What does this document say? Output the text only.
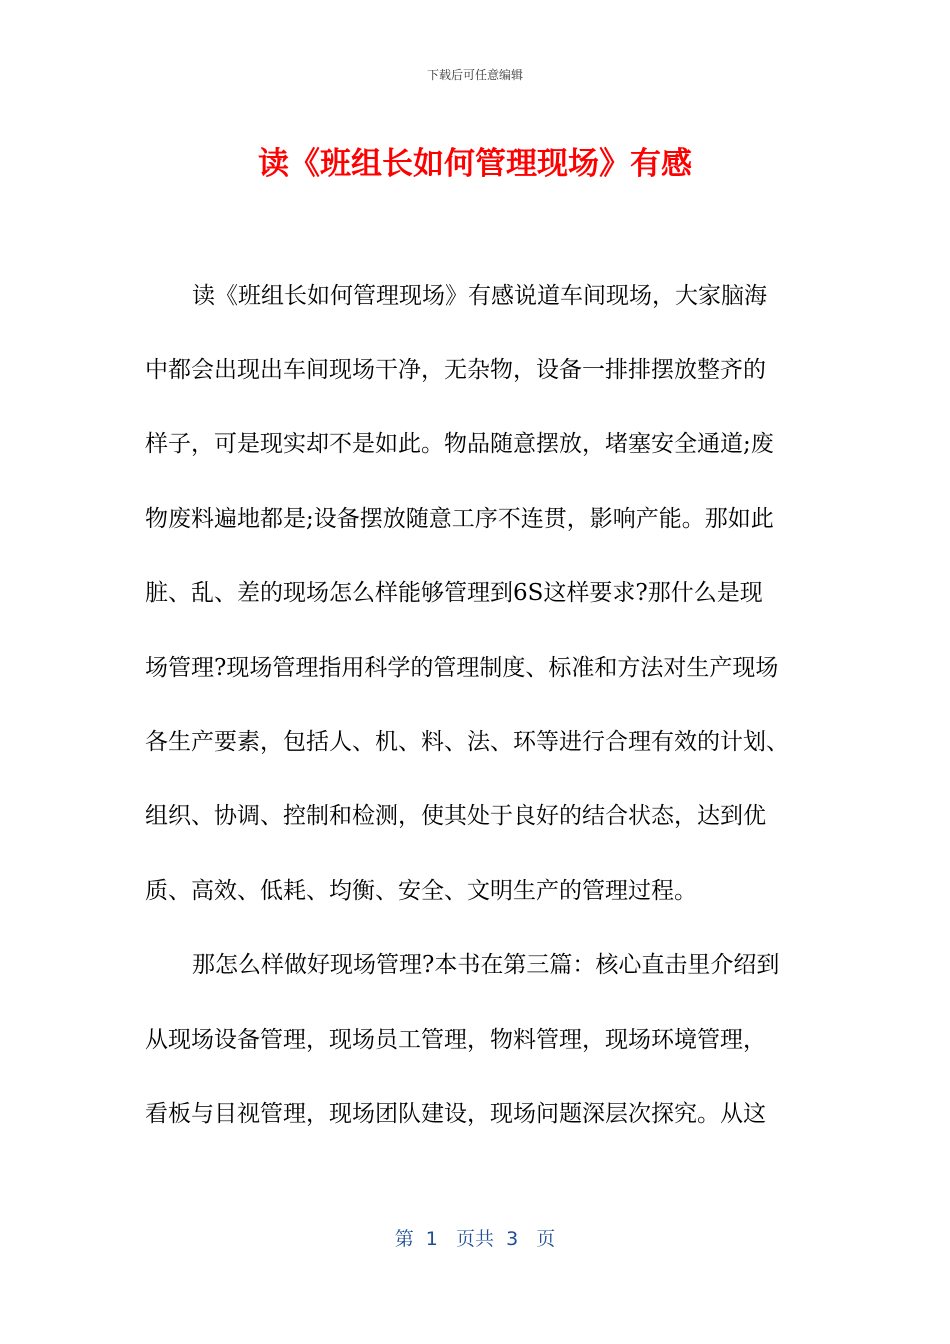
下载后可任意编辑
读《班组长如何管理现场》有感
读《班组长如何管理现场》有感说道车间现场，大家脑海
中都会出现出车间现场干净，无杂物，设备一排排摆放整齐的
样子，可是现实却不是如此。物品随意摆放，堵塞安全通道;废
物废料遍地都是;设备摆放随意工序不连贯，影响产能。那如此
脏、乱、差的现场怎么样能够管理到6S这样要求?那什么是现
场管理?现场管理指用科学的管理制度、标准和方法对生产现场
各生产要素，包括人、机、料、法、环等进行合理有效的计划、
组织、协调、控制和检测，使其处于良好的结合状态，达到优
质、高效、低耗、均衡、安全、文明生产的管理过程。
那怎么样做好现场管理?本书在第三篇：核心直击里介绍到
从现场设备管理，现场员工管理，物料管理，现场环境管理，
看板与目视管理，现场团队建设，现场问题深层次探究。从这
第  1   页共  3   页
